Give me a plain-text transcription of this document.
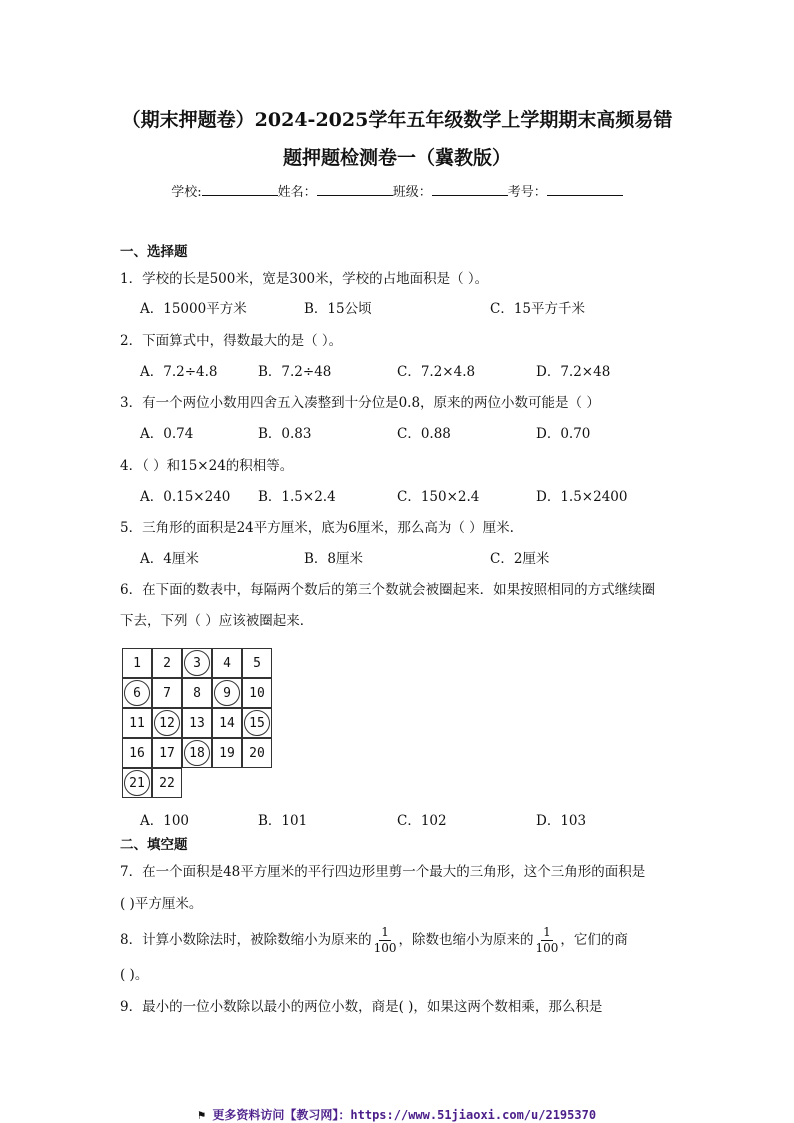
（期末押题卷）2024-2025学年五年级数学上学期期末高频易错
题押题检测卷一（冀教版）
学校:	姓名：	班级：	考号：
一、选择题
1．学校的长是500米，宽是300米，学校的占地面积是（ ）。
A．15000平方米	B．15公顷	C．15平方千米
2．下面算式中，得数最大的是（ ）。
A．7.2÷4.8	B．7.2÷48	C．7.2×4.8	D．7.2×48
3．有一个两位小数用四舍五入凑整到十分位是0.8，原来的两位小数可能是（ ）
A．0.74	B．0.83	C．0.88	D．0.70
4．（ ）和15×24的积相等。
A．0.15×240 B．1.5×2.4	C．150×2.4	D．1.5×2400
5．三角形的面积是24平方厘米，底为6厘米，那么高为（ ）厘米.
A．4厘米	B．8厘米	C．2厘米
6．在下面的数表中，每隔两个数后的第三个数就会被圈起来．如果按照相同的方式继续圈
下去，下列（ ）应该被圈起来．
1	2	3	4	5
6	7	8	9	10
11	12	13	14	15
16	17	18	19	20
21	22
A．100	B．101	C．102	D．103
二、填空题
7．在一个面积是48平方厘米的平行四边形里剪一个最大的三角形，这个三角形的面积是
( )平方厘米。
8．计算小数除法时，被除数缩小为原来的 $\frac{1}{100}$ ，除数也缩小为原来的 $\frac{1}{100}$ ，它们的商
( )。
9．最小的一位小数除以最小的两位小数，商是( )，如果这两个数相乘，那么积是
⚑ 更多资料访问【教习网】：https://www.51jiaoxi.com/u/2195370
